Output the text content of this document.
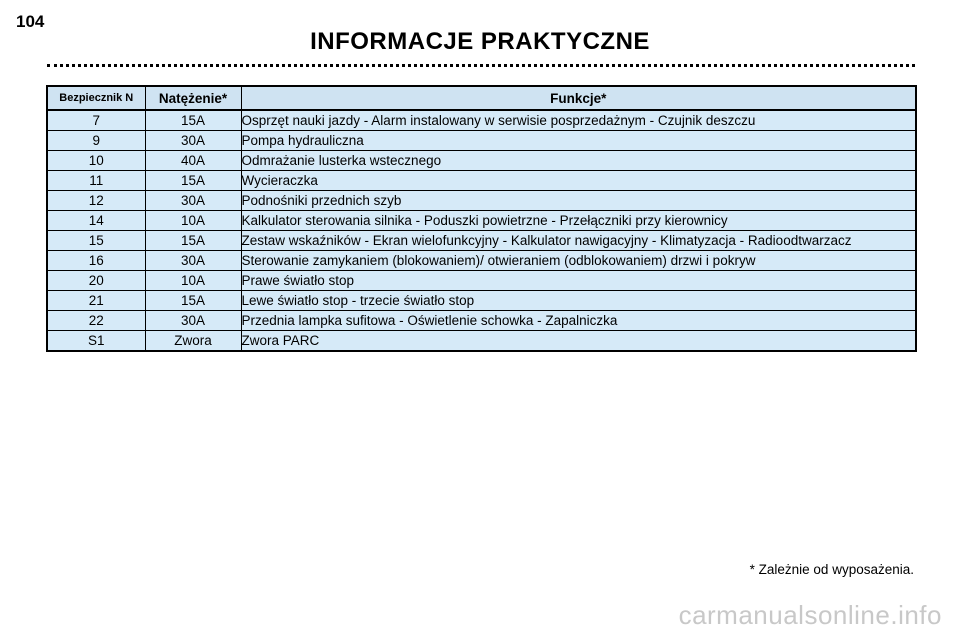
104
INFORMACJE PRAKTYCZNE
Bezpiecznik N	Natężenie*	Funkcje*
7	15A	Osprzęt nauki jazdy - Alarm instalowany w serwisie posprzedażnym - Czujnik deszczu
9	30A	Pompa hydrauliczna
10	40A	Odmrażanie lusterka wstecznego
11	15A	Wycieraczka
12	30A	Podnośniki przednich szyb
14	10A	Kalkulator sterowania silnika - Poduszki powietrzne - Przełączniki przy kierownicy
15	15A	Zestaw wskaźników - Ekran wielofunkcyjny - Kalkulator nawigacyjny - Klimatyzacja - Radioodtwarzacz
16	30A	Sterowanie zamykaniem (blokowaniem)/ otwieraniem (odblokowaniem) drzwi i pokryw
20	10A	Prawe światło stop
21	15A	Lewe światło stop - trzecie światło stop
22	30A	Przednia lampka sufitowa - Oświetlenie schowka - Zapalniczka
S1	Zwora	Zwora PARC
* Zależnie od wyposażenia.
carmanualsonline.info
